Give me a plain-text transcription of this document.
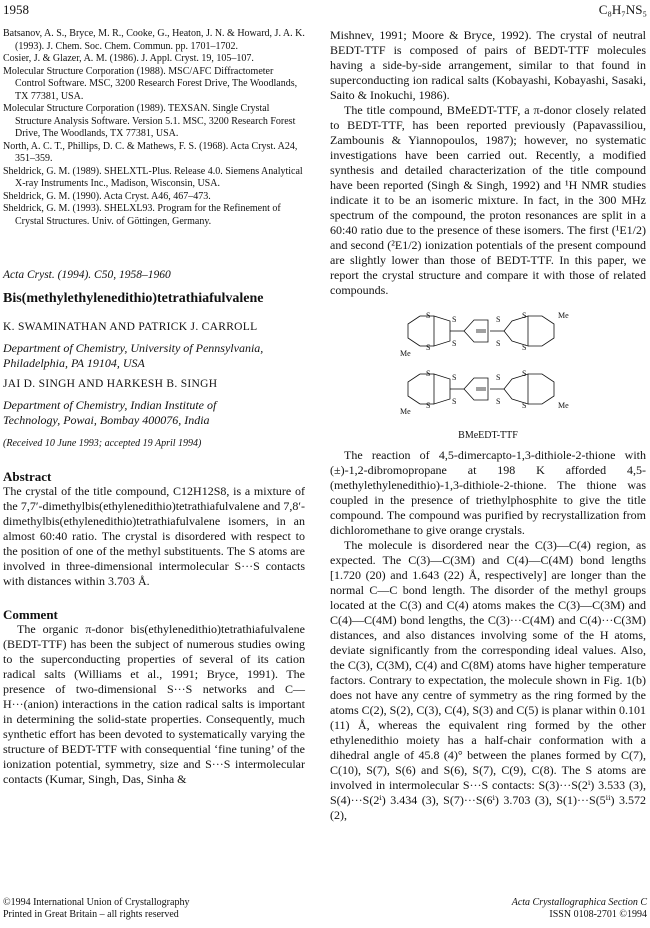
1958	C₈H₇NS₅
Batsanov, A. S., Bryce, M. R., Cooke, G., Heaton, J. N. & Howard, J. A. K. (1993). J. Chem. Soc. Chem. Commun. pp. 1701–1702.
Cosier, J. & Glazer, A. M. (1986). J. Appl. Cryst. 19, 105–107.
Molecular Structure Corporation (1988). MSC/AFC Diffractometer Control Software. MSC, 3200 Research Forest Drive, The Woodlands, TX 77381, USA.
Molecular Structure Corporation (1989). TEXSAN. Single Crystal Structure Analysis Software. Version 5.1. MSC, 3200 Research Forest Drive, The Woodlands, TX 77381, USA.
North, A. C. T., Phillips, D. C. & Mathews, F. S. (1968). Acta Cryst. A24, 351–359.
Sheldrick, G. M. (1989). SHELXTL-Plus. Release 4.0. Siemens Analytical X-ray Instruments Inc., Madison, Wisconsin, USA.
Sheldrick, G. M. (1990). Acta Cryst. A46, 467–473.
Sheldrick, G. M. (1993). SHELXL93. Program for the Refinement of Crystal Structures. Univ. of Göttingen, Germany.
Acta Cryst. (1994). C50, 1958–1960
Bis(methylethylenedithio)tetrathiafulvalene
K. SWAMINATHAN AND PATRICK J. CARROLL
Department of Chemistry, University of Pennsylvania,
Philadelphia, PA 19104, USA
JAI D. SINGH AND HARKESH B. SINGH
Department of Chemistry, Indian Institute of
Technology, Powai, Bombay 400076, India
(Received 10 June 1993; accepted 19 April 1994)
Abstract

The crystal of the title compound, C12H12S8, is a mixture of the 7,7′-dimethylbis(ethylenedithio)tetrathiafulvalene and 7,8′-dimethylbis(ethylenedithio)tetrathiafulvalene isomers, in an almost 60:40 ratio. The crystal is disordered with respect to the position of one of the methyl substituents. The S atoms are involved in three-dimensional intermolecular S···S contacts with distances within 3.703 Å.

Comment

The organic π-donor bis(ethylenedithio)tetrathiafulvalene (BEDT-TTF) has been the subject of numerous studies owing to the superconducting properties of several of its cation radical salts (Williams et al., 1991; Bryce, 1991). The presence of two-dimensional S···S networks and C—H···(anion) interactions in the cation radical salts is important in determining the solid-state properties. Consequently, much synthetic effort has been devoted to systematically varying the structure of BEDT-TTF with consequential ‘fine tuning’ of the ionization potential, symmetry, size and S···S intermolecular contacts (Kumar, Singh, Das, Sinha &

Mishnev, 1991; Moore & Bryce, 1992). The crystal of neutral BEDT-TTF is composed of pairs of BEDT-TTF molecules having a side-by-side arrangement, similar to that found in superconducting ion radical salts (Kobayashi, Kobayashi, Sasaki, Saito & Inokuchi, 1986).

The title compound, BMeEDT-TTF, a π-donor closely related to BEDT-TTF, has been reported previously (Papavassiliou, Zambounis & Yiannopoulos, 1987); however, no systematic investigations have been carried out. Recently, a modified synthesis and detailed characterization of the title compound have been reported (Singh & Singh, 1992) and ¹H NMR studies indicate it to be an isomeric mixture. In fact, in the 300 MHz spectrum of the compound, the proton resonances are split in a 60:40 ratio due to the presence of these isomers. The first (¹E1/2) and second (²E1/2) ionization potentials of the present compound are slightly lower than those of BEDT-TTF. In this paper, we report the crystal structure and compare it with those of related compounds.

S
S
S
S
S
S
S
S
Me
Me
S
S
S
S
S
S
S
S	Me
Me
BMeEDT-TTF

The reaction of 4,5-dimercapto-1,3-dithiole-2-thione with (±)-1,2-dibromopropane at 198 K afforded 4,5-(methylethylenedithio)-1,3-dithiole-2-thione. The thione was coupled in the presence of triethylphosphite to give the title compound. The compound was purified by recrystallization from dichloromethane to give orange crystals.

The molecule is disordered near the C(3)—C(4) region, as expected. The C(3)—C(3M) and C(4)—C(4M) bond lengths [1.720 (20) and 1.643 (22) Å, respectively] are longer than the normal C—C bond length. The disorder of the methyl groups located at the C(3) and C(4) atoms makes the C(3)—C(3M) and C(4)—C(4M) bond lengths, the C(3)···C(4M) and C(4)···C(3M) distances, and also distances involving some of the H atoms, deviate significantly from the corresponding ideal values. Also, the C(3), C(3M), C(4) and C(8M) atoms have higher temperature factors. Contrary to expectation, the molecule shown in Fig. 1(b) does not have any centre of symmetry as the ring formed by the atoms C(2), S(2), C(3), C(4), S(3) and C(5) is planar within 0.101 (11) Å, whereas the equivalent ring formed by the other ethylenedithio moiety has a half-chair conformation with a dihedral angle of 45.8 (4)° between the planes formed by C(7), C(10), S(7), S(6) and S(6), S(7), C(9), C(8). The S atoms are involved in intermolecular S···S contacts: S(3)···S(2ⁱ) 3.533 (3), S(4)···S(2ⁱ) 3.434 (3), S(7)···S(6ⁱ) 3.703 (3), S(1)···S(5ⁱⁱ) 3.572 (2),

©1994 International Union of Crystallography
Printed in Great Britain – all rights reserved
Acta Crystallographica Section C
ISSN 0108-2701 ©1994
